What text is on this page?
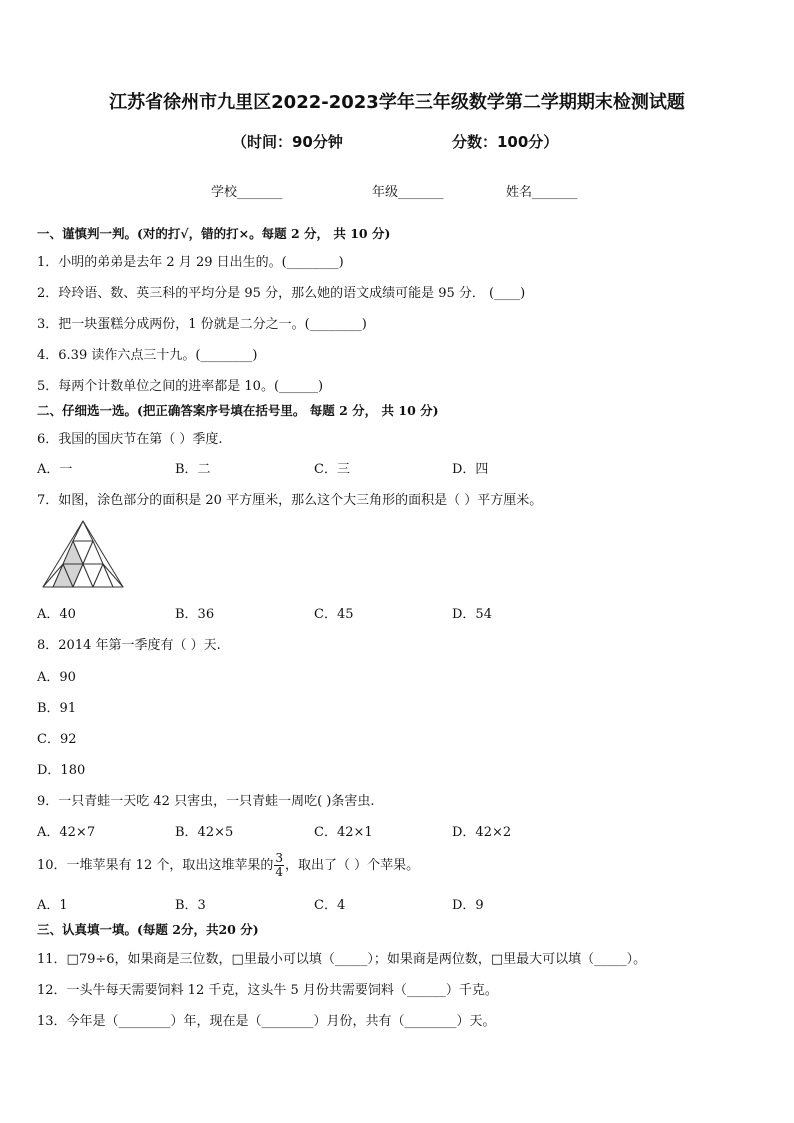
江苏省徐州市九里区2022-2023学年三年级数学第二学期期末检测试题
（时间：90分钟	分数：100分）
学校_______	年级_______	姓名_______
一、谨慎判一判。(对的打√，错的打×。每题 2 分， 共 10 分)
1．小明的弟弟是去年 2 月 29 日出生的。(________)
2．玲玲语、数、英三科的平均分是 95 分，那么她的语文成绩可能是 95 分． (____)
3．把一块蛋糕分成两份，1 份就是二分之一。(________)
4．6.39 读作六点三十九。(________)
5．每两个计数单位之间的进率都是 10。(______)
二、仔细选一选。(把正确答案序号填在括号里。 每题 2 分， 共 10 分)
6．我国的国庆节在第（ ）季度.
A．一	B．二	C．三	D．四
7．如图，涂色部分的面积是 20 平方厘米，那么这个大三角形的面积是（ ）平方厘米。
A．40	B．36	C．45	D．54
8．2014 年第一季度有（ ）天.
A．90
B．91
C．92
D．180
9．一只青蛙一天吃 42 只害虫，一只青蛙一周吃( )条害虫.
A．42×7	B．42×5	C．42×1	D．42×2
10．一堆苹果有 12 个，取出这堆苹果的 $\frac{3}{4}$ ，取出了（ ）个苹果。
A．1	B．3	C．4	D．9
三、认真填一填。(每题 2分，共20 分)
11．□79÷6，如果商是三位数，□里最小可以填（_____）；如果商是两位数，□里最大可以填（_____）。
12．一头牛每天需要饲料 12 千克，这头牛 5 月份共需要饲料（______）千克。
13．今年是（________）年，现在是（________）月份，共有（________）天。
